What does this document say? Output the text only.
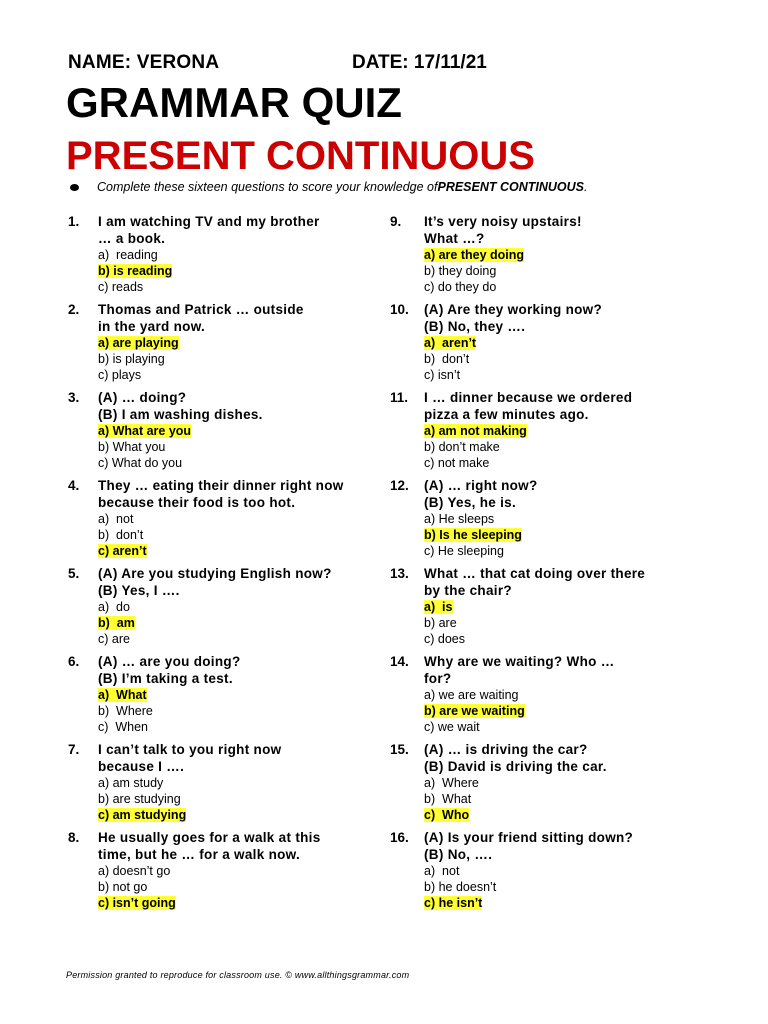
NAME: VERONA	DATE: 17/11/21
GRAMMAR QUIZ
PRESENT CONTINUOUS
Complete these sixteen questions to score your knowledge of PRESENT CONTINUOUS .
1.	I am watching TV and my brother
… a book.
a)  reading
b) is reading
c) reads
2.	Thomas and Patrick … outside
in the yard now.
a) are playing
b) is playing
c) plays
3.	(A) … doing?
(B) I am washing dishes.
a) What are you
b) What you
c) What do you
4.	They … eating their dinner right now
because their food is too hot.
a)  not
b)  don’t
c) aren’t
5.	(A) Are you studying English now?
(B) Yes, I ….
a)  do
b)  am
c) are
6.	(A) … are you doing?
(B) I’m taking a test.
a)  What
b)  Where
c)  When
7.	I can’t talk to you right now
because I ….
a) am study
b) are studying
c) am studying
8.	He usually goes for a walk at this
time, but he … for a walk now.
a) doesn’t go
b) not go
c) isn’t going
9.	It’s very noisy upstairs!
What …?
a) are they doing
b) they doing
c) do they do
10.	(A) Are they working now?
(B) No, they ….
a)  aren’t
b)  don’t
c) isn’t
11.	I … dinner because we ordered
pizza a few minutes ago.
a) am not making
b) don’t make
c) not make
12.	(A) … right now?
(B) Yes, he is.
a) He sleeps
b) Is he sleeping
c) He sleeping
13.	What … that cat doing over there
by the chair?
a)  is
b) are
c) does
14.	Why are we waiting? Who …
for?
a) we are waiting
b) are we waiting
c) we wait
15.	(A) … is driving the car?
(B) David is driving the car.
a)  Where
b)  What
c)  Who
16.	(A) Is your friend sitting down?
(B) No, ….
a)  not
b) he doesn’t
c) he isn’t
Permission granted to reproduce for classroom use. © www.allthingsgrammar.com
